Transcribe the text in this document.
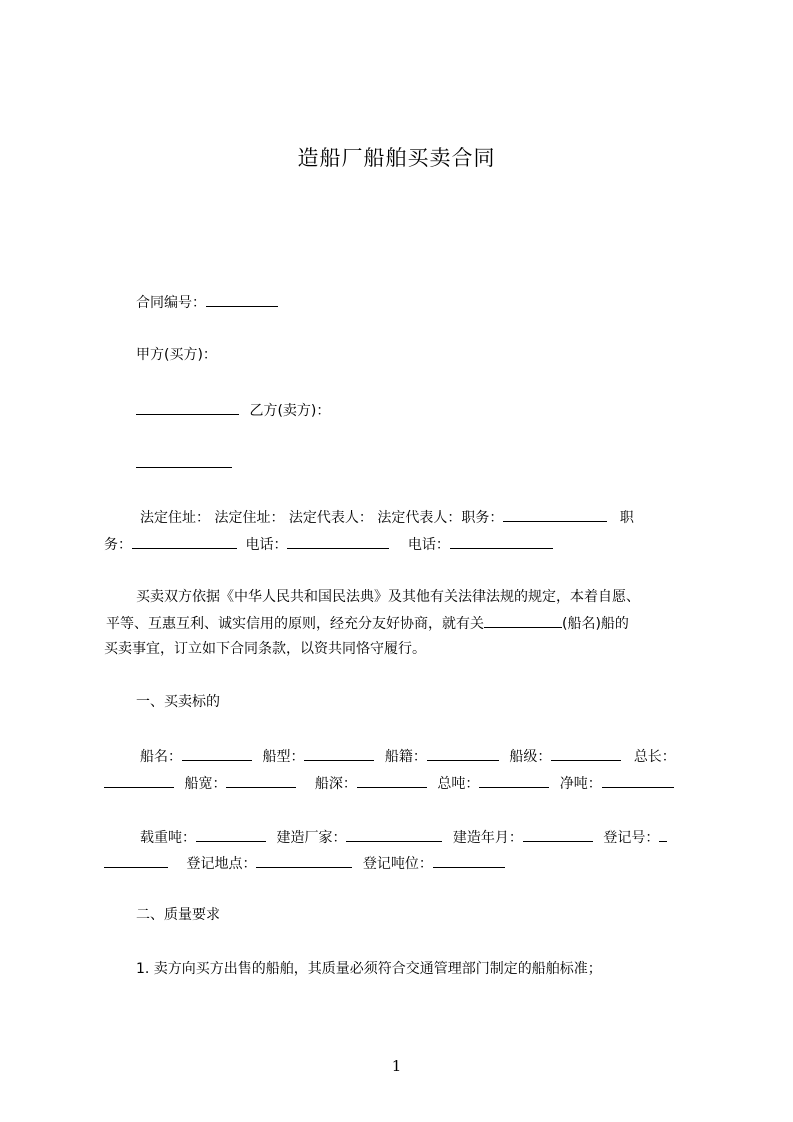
造船厂船舶买卖合同
合同编号：
甲方(买方)：
乙方(卖方)：
法定住址： 法定住址： 法定代表人： 法定代表人：职务：	职
务：	电话：	电话：
买卖双方依据《中华人民共和国民法典》及其他有关法律法规的规定，本着自愿、
平等、互惠互利、诚实信用的原则，经充分友好协商，就有关	(船名)船的
买卖事宜，订立如下合同条款，以资共同恪守履行。
一、买卖标的
船名：	船型：	船籍：	船级：	总长：
船宽：	船深：	总吨：	净吨：
载重吨：	建造厂家：	建造年月：	登记号：
登记地点：	登记吨位：
二、质量要求
1. 卖方向买方出售的船舶，其质量必须符合交通管理部门制定的船舶标准；
1
